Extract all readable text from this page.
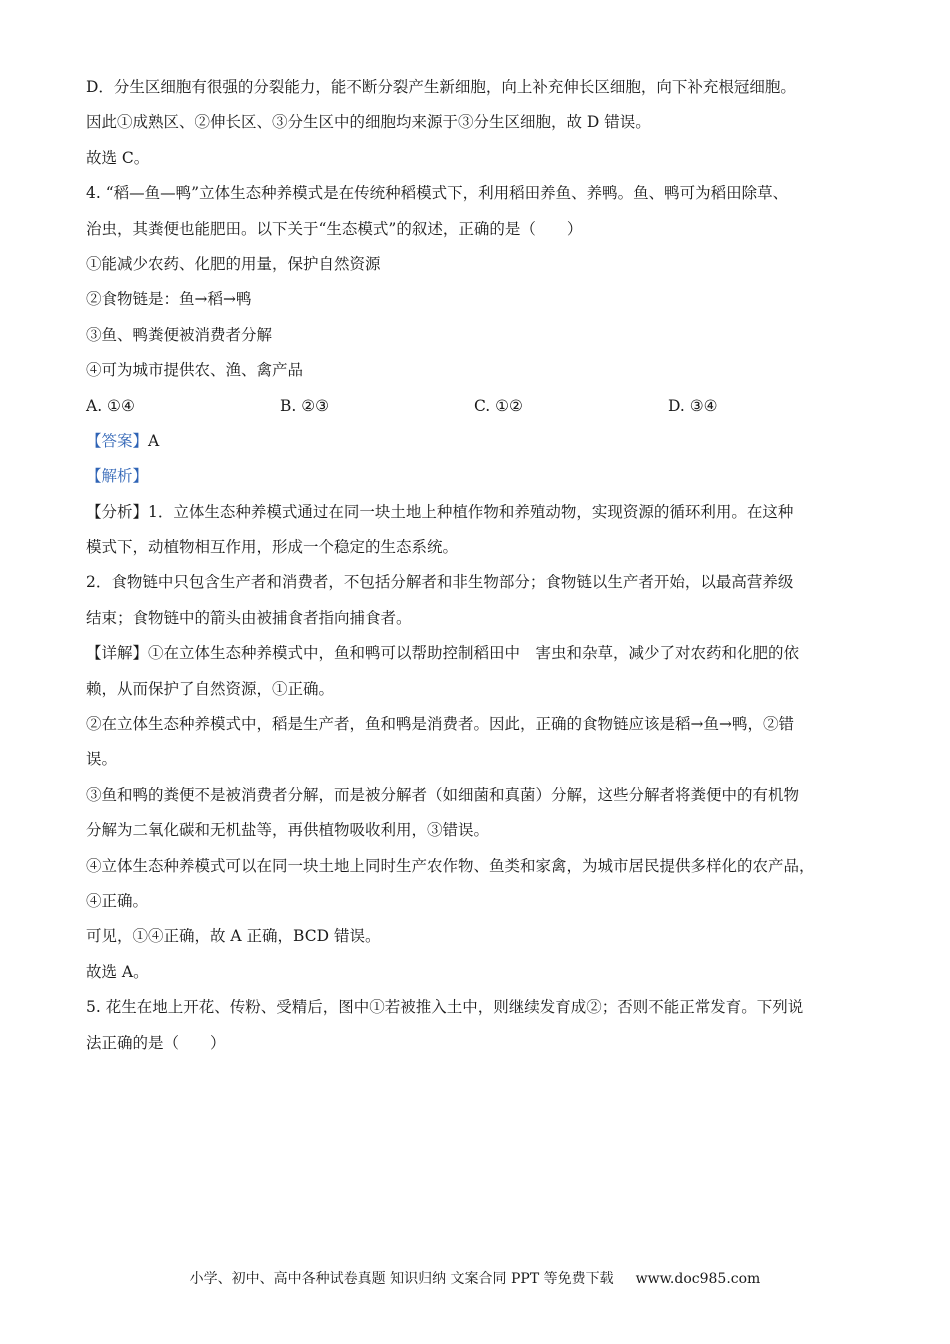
D．分生区细胞有很强的分裂能力，能不断分裂产生新细胞，向上补充伸长区细胞，向下补充根冠细胞。
因此①成熟区、②伸长区、③分生区中的细胞均来源于③分生区细胞，故 D 错误。
故选 C。
4. “稻—鱼—鸭”立体生态种养模式是在传统种稻模式下，利用稻田养鱼、养鸭。鱼、鸭可为稻田除草、
治虫，其粪便也能肥田。以下关于“生态模式”的叙述，正确的是（　　）
①能减少农药、化肥的用量，保护自然资源
②食物链是：鱼→稻→鸭
③鱼、鸭粪便被消费者分解
④可为城市提供农、渔、禽产品
A. ①④	B. ②③	C. ①②	D. ③④
【答案】A
【解析】
【分析】1．立体生态种养模式通过在同一块土地上种植作物和养殖动物，实现资源的循环利用。在这种
模式下，动植物相互作用，形成一个稳定的生态系统。
2．食物链中只包含生产者和消费者，不包括分解者和非生物部分；食物链以生产者开始，以最高营养级
结束；食物链中的箭头由被捕食者指向捕食者。
【详解】①在立体生态种养模式中，鱼和鸭可以帮助控制稻田中　害虫和杂草，减少了对农药和化肥的依
赖，从而保护了自然资源，①正确。
②在立体生态种养模式中，稻是生产者，鱼和鸭是消费者。因此，正确的食物链应该是稻→鱼→鸭，②错
误。
③鱼和鸭的粪便不是被消费者分解，而是被分解者（如细菌和真菌）分解，这些分解者将粪便中的有机物
分解为二氧化碳和无机盐等，再供植物吸收利用，③错误。
④立体生态种养模式可以在同一块土地上同时生产农作物、鱼类和家禽，为城市居民提供多样化的农产品，
④正确。
可见，①④正确，故 A 正确，BCD 错误。
故选 A。
5. 花生在地上开花、传粉、受精后，图中①若被推入土中，则继续发育成②；否则不能正常发育。下列说
法正确的是（　　）
小学、初中、高中各种试卷真题 知识归纳 文案合同 PPT 等免费下载 www.doc985.com
